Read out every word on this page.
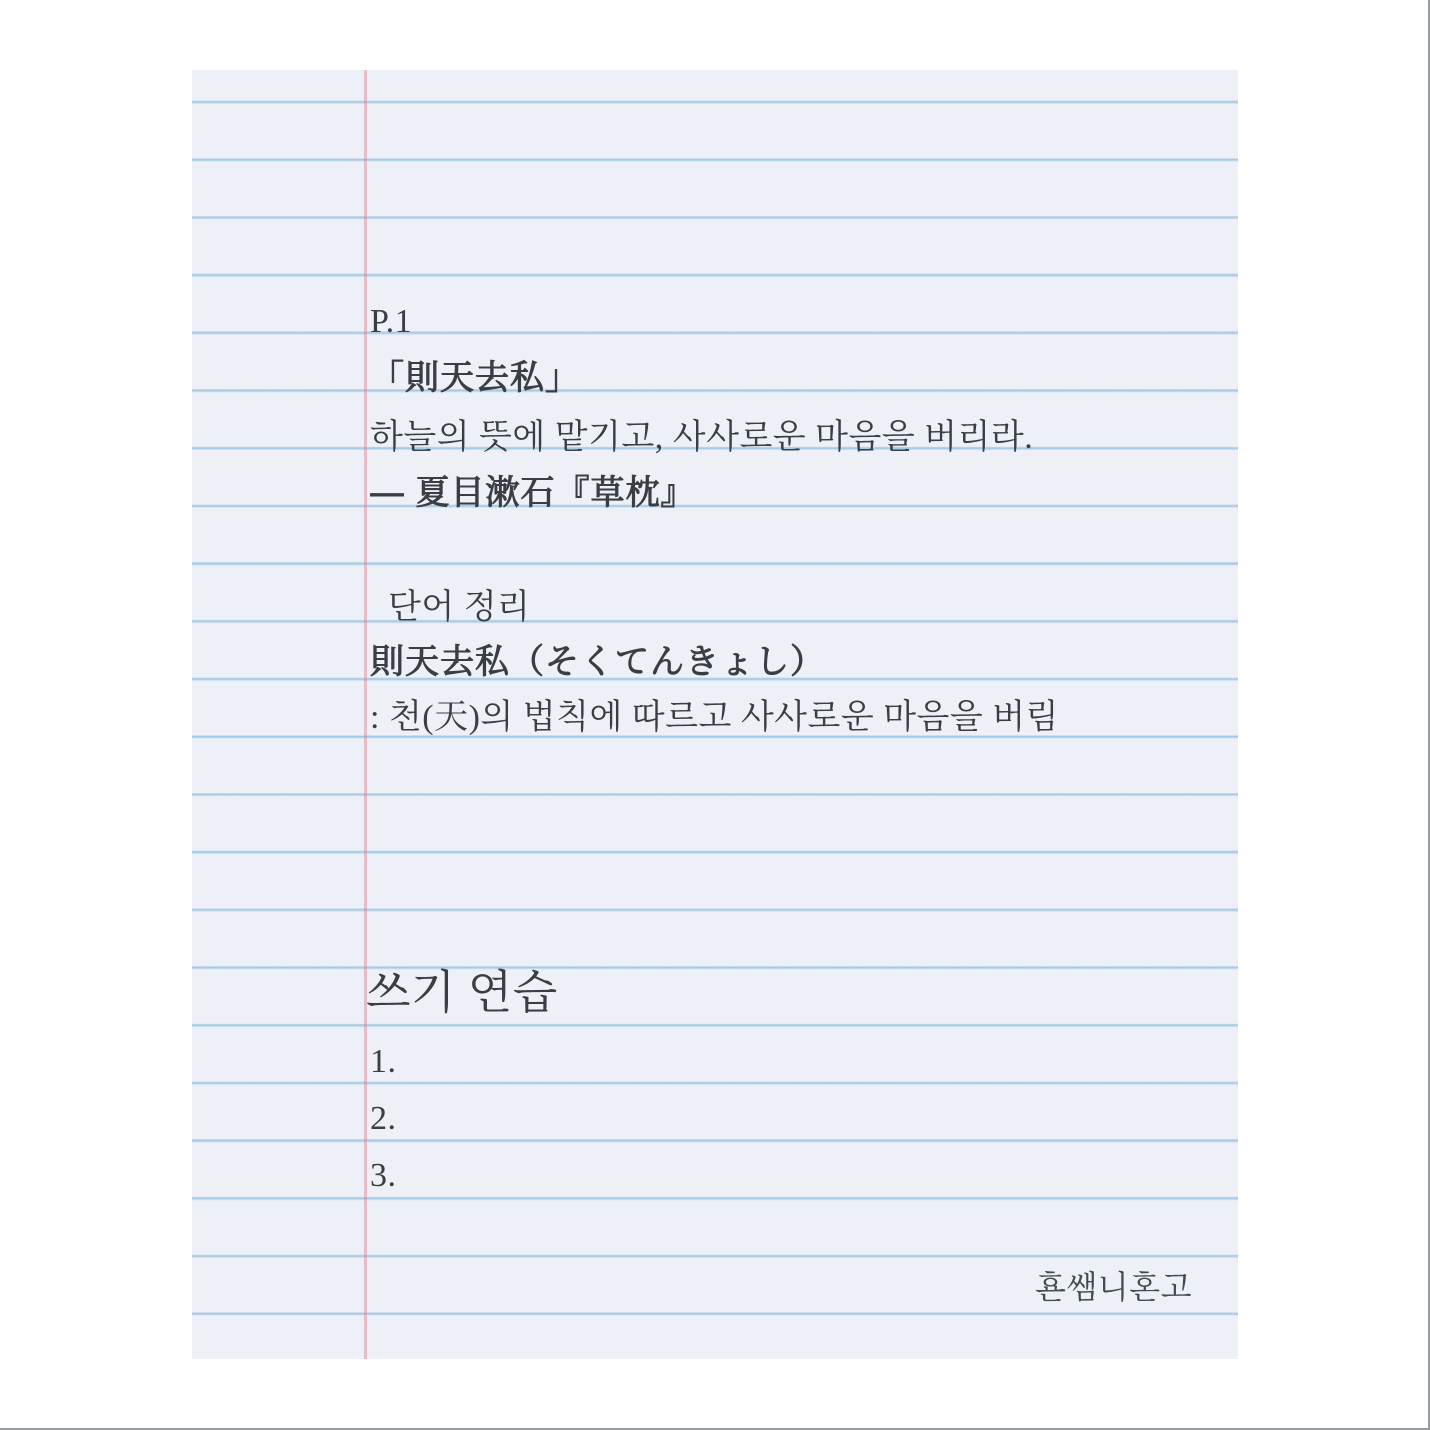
P.1
「則天去私」
하늘의 뜻에 맡기고, 사사로운 마음을 버리라.
— 夏目漱石『草枕』
단어 정리
則天去私（そくてんきょし）
: 천(天)의 법칙에 따르고 사사로운 마음을 버림
쓰기 연습
1.
2.
3.
횬쌤니혼고
